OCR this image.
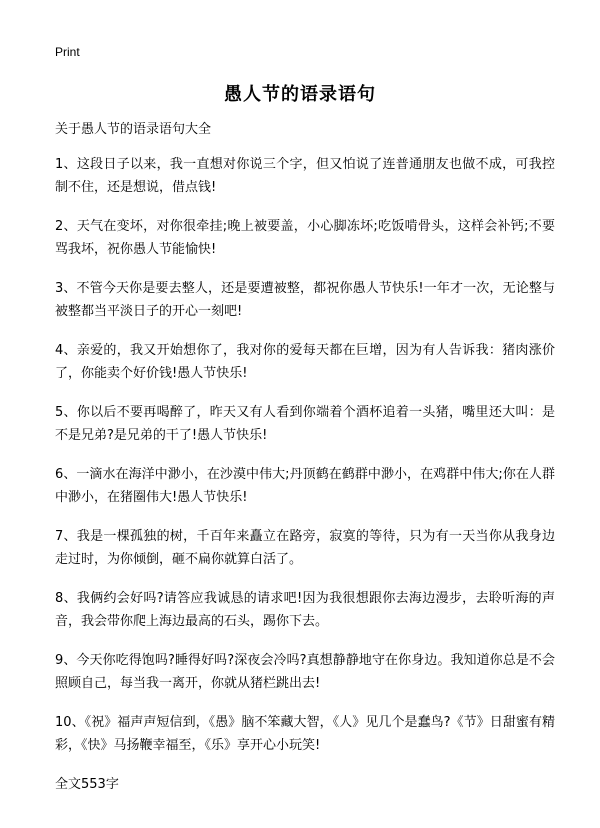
Print
愚人节的语录语句

关于愚人节的语录语句大全

1、这段日子以来，我一直想对你说三个字，但又怕说了连普通朋友也做不成，可我控制不住，还是想说，借点钱!

2、天气在变坏，对你很牵挂;晚上被要盖，小心脚冻坏;吃饭啃骨头，这样会补钙;不要骂我坏，祝你愚人节能愉快!

3、不管今天你是要去整人，还是要遭被整，都祝你愚人节快乐!一年才一次，无论整与被整都当平淡日子的开心一刻吧!

4、亲爱的，我又开始想你了，我对你的爱每天都在巨增，因为有人告诉我：猪肉涨价了，你能卖个好价钱!愚人节快乐!

5、你以后不要再喝醉了，昨天又有人看到你端着个酒杯追着一头猪，嘴里还大叫：是不是兄弟?是兄弟的干了!愚人节快乐!

6、一滴水在海洋中渺小，在沙漠中伟大;丹顶鹤在鹤群中渺小，在鸡群中伟大;你在人群中渺小，在猪圈伟大!愚人节快乐!

7、我是一棵孤独的树，千百年来矗立在路旁，寂寞的等待，只为有一天当你从我身边走过时，为你倾倒，砸不扁你就算白活了。

8、我俩约会好吗?请答应我诚恳的请求吧!因为我很想跟你去海边漫步，去聆听海的声音，我会带你爬上海边最高的石头，踢你下去。

9、今天你吃得饱吗?睡得好吗?深夜会冷吗?真想静静地守在你身边。我知道你总是不会照顾自己，每当我一离开，你就从猪栏跳出去!

10、《祝》福声声短信到，《愚》脑不笨藏大智，《人》见几个是蠢鸟?《节》日甜蜜有精彩，《快》马扬鞭幸福至，《乐》享开心小玩笑!

全文553字
